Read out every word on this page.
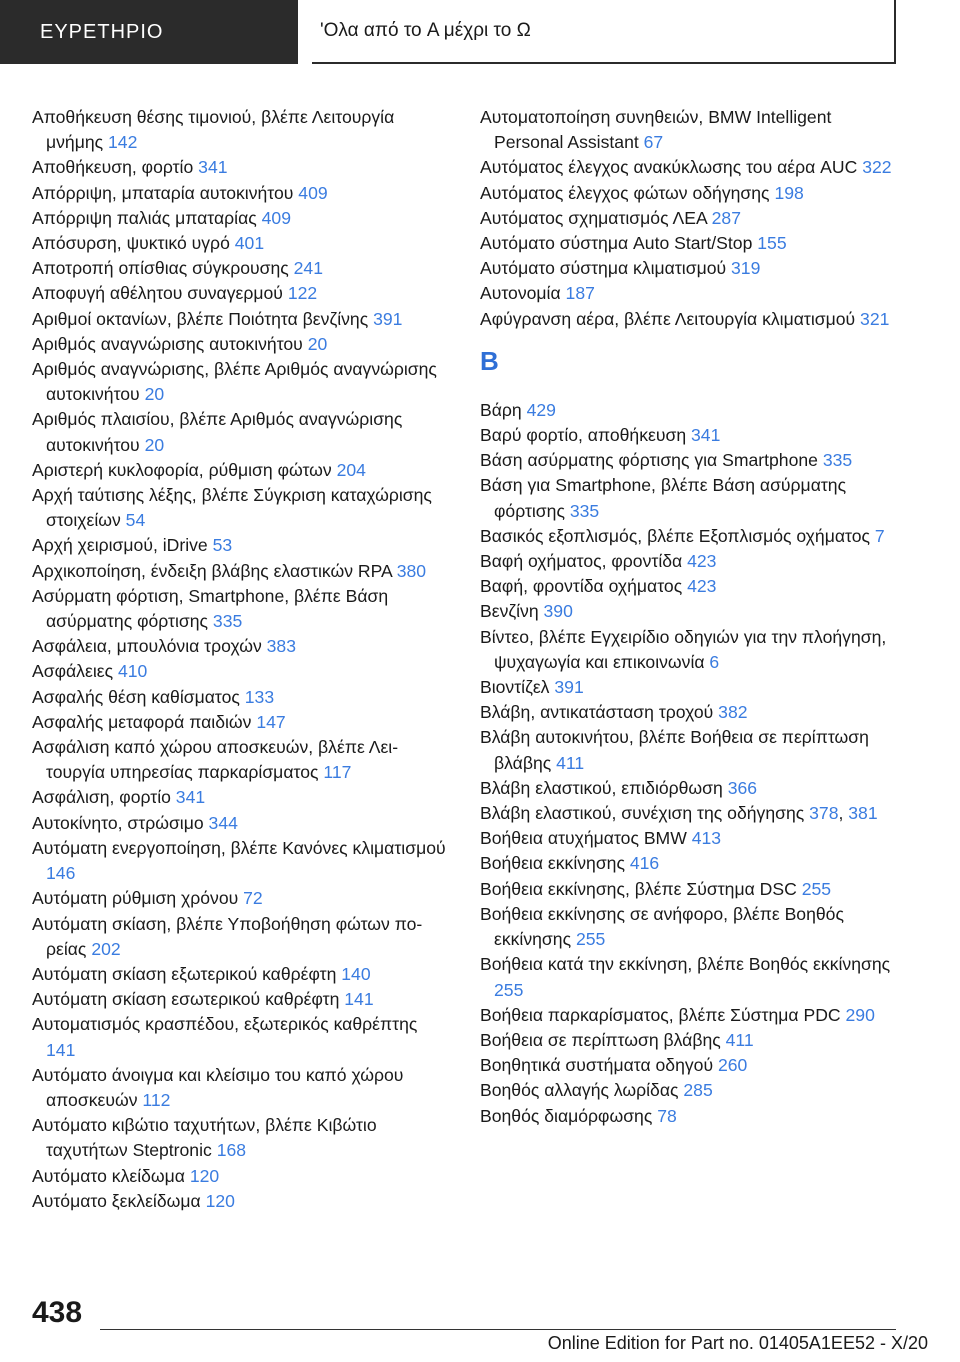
ΕΥΡΕΤΗΡΙΟ	'Ολα από το A μέχρι το Ω
Αποθήκευση θέσης τιμονιού, βλέπε Λειτουργία μνήμης 142
Αποθήκευση, φορτίο 341
Απόρριψη, μπαταρία αυτοκινήτου 409
Απόρριψη παλιάς μπαταρίας 409
Απόσυρση, ψυκτικό υγρό 401
Αποτροπή οπίσθιας σύγκρουσης 241
Αποφυγή αθέλητου συναγερμού 122
Αριθμοί οκτανίων, βλέπε Ποιότητα βενζίνης 391
Αριθμός αναγνώρισης αυτοκινήτου 20
Αριθμός αναγνώρισης, βλέπε Αριθμός αναγνώρισης αυτοκινήτου 20
Αριθμός πλαισίου, βλέπε Αριθμός αναγνώρισης αυτοκινήτου 20
Αριστερή κυκλοφορία, ρύθμιση φώτων 204
Αρχή ταύτισης λέξης, βλέπε Σύγκριση καταχώρισης στοιχείων 54
Αρχή χειρισμού, iDrive 53
Αρχικοποίηση, ένδειξη βλάβης ελαστικών RPA 380
Ασύρματη φόρτιση, Smartphone, βλέπε Βάση ασύρματης φόρτισης 335
Ασφάλεια, μπουλόνια τροχών 383
Ασφάλειες 410
Ασφαλής θέση καθίσματος 133
Ασφαλής μεταφορά παιδιών 147
Ασφάλιση καπό χώρου αποσκευών, βλέπε Λειτουργία υπηρεσίας παρκαρίσματος 117
Ασφάλιση, φορτίο 341
Αυτοκίνητο, στρώσιμο 344
Αυτόματη ενεργοποίηση, βλέπε Κανόνες κλιματισμού 146
Αυτόματη ρύθμιση χρόνου 72
Αυτόματη σκίαση, βλέπε Υποβοήθηση φώτων πορείας 202
Αυτόματη σκίαση εξωτερικού καθρέφτη 140
Αυτόματη σκίαση εσωτερικού καθρέφτη 141
Αυτοματισμός κρασπέδου, εξωτερικός καθρέπτης 141
Αυτόματο άνοιγμα και κλείσιμο του καπό χώρου αποσκευών 112
Αυτόματο κιβώτιο ταχυτήτων, βλέπε Κιβώτιο ταχυτήτων Steptronic 168
Αυτόματο κλείδωμα 120
Αυτόματο ξεκλείδωμα 120
Αυτοματοποίηση συνηθειών, BMW Intelligent Personal Assistant 67
Αυτόματος έλεγχος ανακύκλωσης του αέρα AUC 322
Αυτόματος έλεγχος φώτων οδήγησης 198
Αυτόματος σχηματισμός ΛΕΑ 287
Αυτόματο σύστημα Auto Start/Stop 155
Αυτόματο σύστημα κλιματισμού 319
Αυτονομία 187
Αφύγρανση αέρα, βλέπε Λειτουργία κλιματισμού 321
B
Βάρη 429
Βαρύ φορτίο, αποθήκευση 341
Βάση ασύρματης φόρτισης για Smartphone 335
Βάση για Smartphone, βλέπε Βάση ασύρματης φόρτισης 335
Βασικός εξοπλισμός, βλέπε Εξοπλισμός οχήματος 7
Βαφή οχήματος, φροντίδα 423
Βαφή, φροντίδα οχήματος 423
Βενζίνη 390
Βίντεο, βλέπε Εγχειρίδιο οδηγιών για την πλοήγηση, ψυχαγωγία και επικοινωνία 6
Βιοντίζελ 391
Βλάβη, αντικατάσταση τροχού 382
Βλάβη αυτοκινήτου, βλέπε Βοήθεια σε περίπτωση βλάβης 411
Βλάβη ελαστικού, επιδιόρθωση 366
Βλάβη ελαστικού, συνέχιση της οδήγησης 378, 381
Βοήθεια ατυχήματος BMW 413
Βοήθεια εκκίνησης 416
Βοήθεια εκκίνησης, βλέπε Σύστημα DSC 255
Βοήθεια εκκίνησης σε ανήφορο, βλέπε Βοηθός εκκίνησης 255
Βοήθεια κατά την εκκίνηση, βλέπε Βοηθός εκκίνησης 255
Βοήθεια παρκαρίσματος, βλέπε Σύστημα PDC 290
Βοήθεια σε περίπτωση βλάβης 411
Βοηθητικά συστήματα οδηγού 260
Βοηθός αλλαγής λωρίδας 285
Βοηθός διαμόρφωσης 78
438
Online Edition for Part no. 01405A1EE52 - X/20
